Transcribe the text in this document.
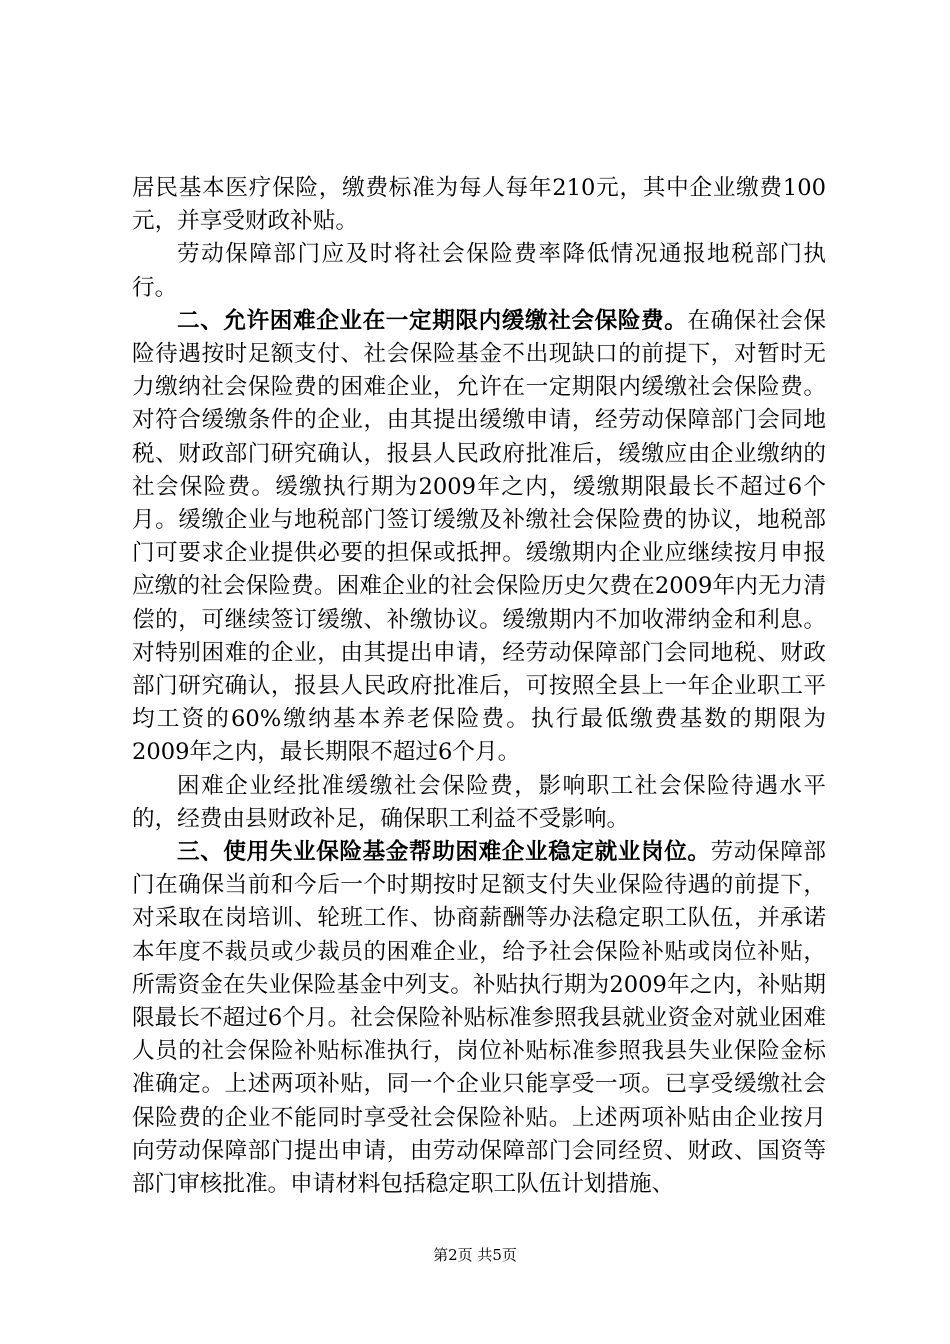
居民基本医疗保险，缴费标准为每人每年210元，其中企业缴费100元，并享受财政补贴。

劳动保障部门应及时将社会保险费率降低情况通报地税部门执行。

二、允许困难企业在一定期限内缓缴社会保险费。在确保社会保险待遇按时足额支付、社会保险基金不出现缺口的前提下，对暂时无力缴纳社会保险费的困难企业，允许在一定期限内缓缴社会保险费。对符合缓缴条件的企业，由其提出缓缴申请，经劳动保障部门会同地税、财政部门研究确认，报县人民政府批准后，缓缴应由企业缴纳的社会保险费。缓缴执行期为2009年之内，缓缴期限最长不超过6个月。缓缴企业与地税部门签订缓缴及补缴社会保险费的协议，地税部门可要求企业提供必要的担保或抵押。缓缴期内企业应继续按月申报应缴的社会保险费。困难企业的社会保险历史欠费在2009年内无力清偿的，可继续签订缓缴、补缴协议。缓缴期内不加收滞纳金和利息。对特别困难的企业，由其提出申请，经劳动保障部门会同地税、财政部门研究确认，报县人民政府批准后，可按照全县上一年企业职工平均工资的60%缴纳基本养老保险费。执行最低缴费基数的期限为2009年之内，最长期限不超过6个月。

困难企业经批准缓缴社会保险费，影响职工社会保险待遇水平的，经费由县财政补足，确保职工利益不受影响。

三、使用失业保险基金帮助困难企业稳定就业岗位。劳动保障部门在确保当前和今后一个时期按时足额支付失业保险待遇的前提下，对采取在岗培训、轮班工作、协商薪酬等办法稳定职工队伍，并承诺本年度不裁员或少裁员的困难企业，给予社会保险补贴或岗位补贴，所需资金在失业保险基金中列支。补贴执行期为2009年之内，补贴期限最长不超过6个月。社会保险补贴标准参照我县就业资金对就业困难人员的社会保险补贴标准执行，岗位补贴标准参照我县失业保险金标准确定。上述两项补贴，同一个企业只能享受一项。已享受缓缴社会保险费的企业不能同时享受社会保险补贴。上述两项补贴由企业按月向劳动保障部门提出申请，由劳动保障部门会同经贸、财政、国资等部门审核批准。申请材料包括稳定职工队伍计划措施、

第2页 共5页
